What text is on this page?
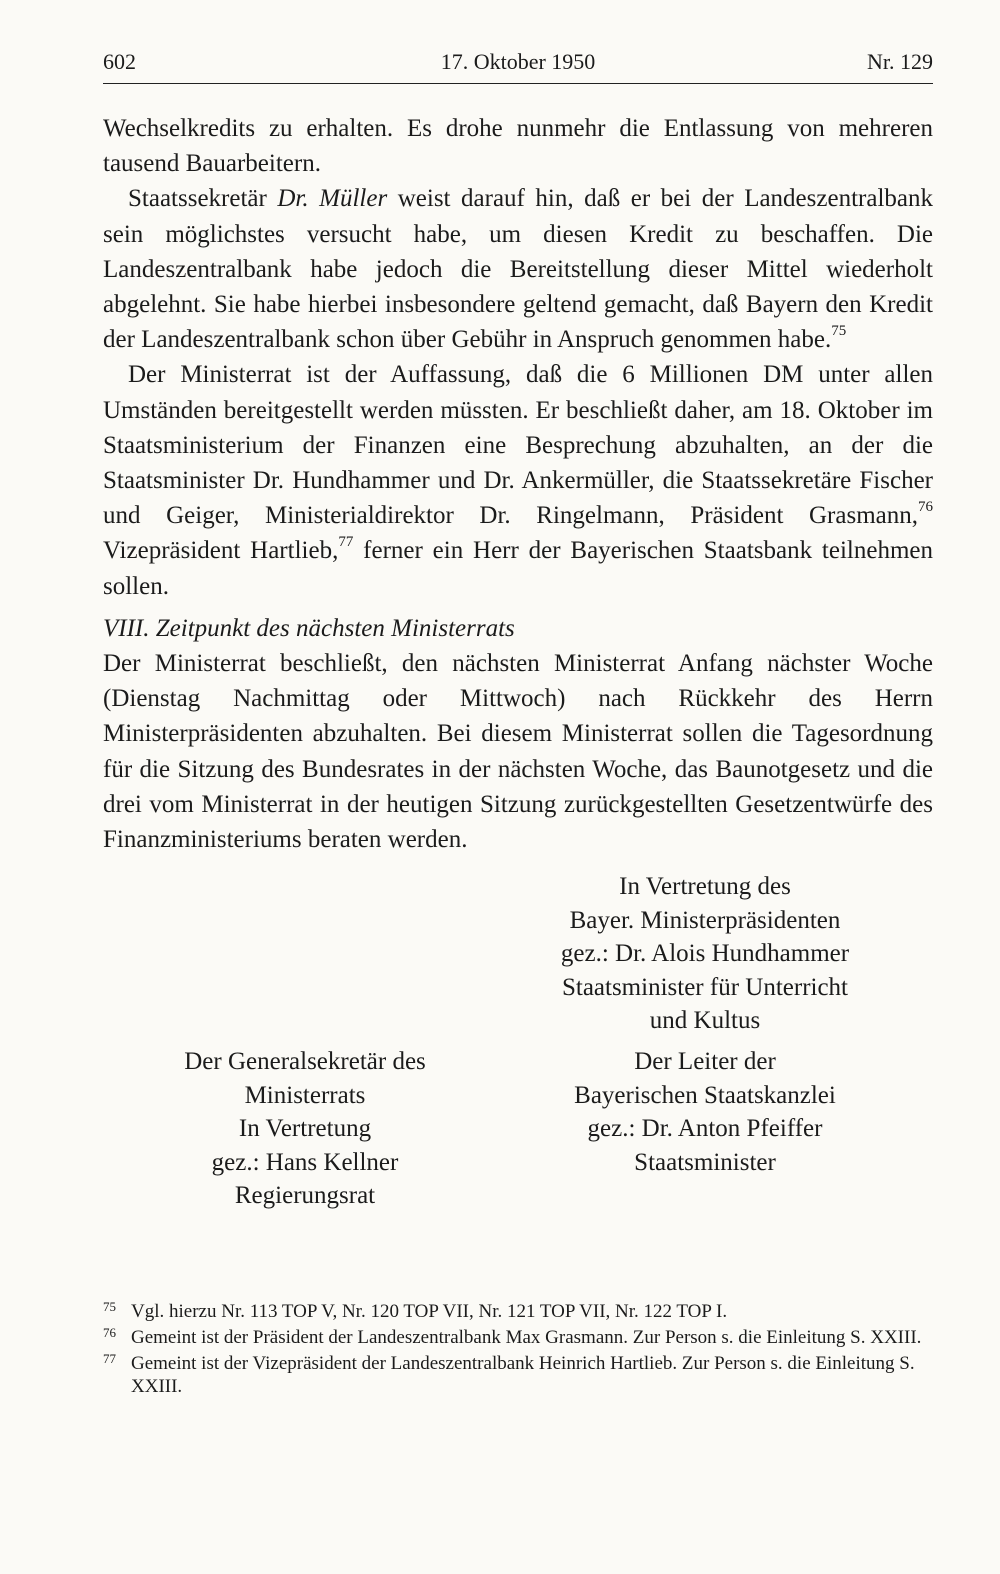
602	17. Oktober 1950	Nr. 129

Wechselkredits zu erhalten. Es drohe nunmehr die Entlassung von mehreren tausend Bauarbeitern.

Staatssekretär Dr. Müller weist darauf hin, daß er bei der Landeszentralbank sein möglichstes versucht habe, um diesen Kredit zu beschaffen. Die Landeszentralbank habe jedoch die Bereitstellung dieser Mittel wiederholt abgelehnt. Sie habe hierbei insbesondere geltend gemacht, daß Bayern den Kredit der Landeszentralbank schon über Gebühr in Anspruch genommen habe.$^{75}$

Der Ministerrat ist der Auffassung, daß die 6 Millionen DM unter allen Umständen bereitgestellt werden müssten. Er beschließt daher, am 18. Oktober im Staatsministerium der Finanzen eine Besprechung abzuhalten, an der die Staatsminister Dr. Hundhammer und Dr. Ankermüller, die Staatssekretäre Fischer und Geiger, Ministerialdirektor Dr. Ringelmann, Präsident Grasmann,$^{76}$ Vizepräsident Hartlieb,$^{77}$ ferner ein Herr der Bayerischen Staatsbank teilnehmen sollen.

VIII. Zeitpunkt des nächsten Ministerrats

Der Ministerrat beschließt, den nächsten Ministerrat Anfang nächster Woche (Dienstag Nachmittag oder Mittwoch) nach Rückkehr des Herrn Ministerpräsidenten abzuhalten. Bei diesem Ministerrat sollen die Tagesordnung für die Sitzung des Bundesrates in der nächsten Woche, das Baunotgesetz und die drei vom Ministerrat in der heutigen Sitzung zurückgestellten Gesetzentwürfe des Finanzministeriums beraten werden.

In Vertretung des
Bayer. Ministerpräsidenten
gez.: Dr. Alois Hundhammer
Staatsminister für Unterricht
und Kultus
Der Generalsekretär des
Ministerrats
In Vertretung
gez.: Hans Kellner
Regierungsrat
Der Leiter der
Bayerischen Staatskanzlei
gez.: Dr. Anton Pfeiffer
Staatsminister
75 Vgl. hierzu Nr. 113 TOP V, Nr. 120 TOP VII, Nr. 121 TOP VII, Nr. 122 TOP I.
76 Gemeint ist der Präsident der Landeszentralbank Max Grasmann. Zur Person s. die Einleitung S. XXIII.
77 Gemeint ist der Vizepräsident der Landeszentralbank Heinrich Hartlieb. Zur Person s. die Einleitung S. XXIII.
